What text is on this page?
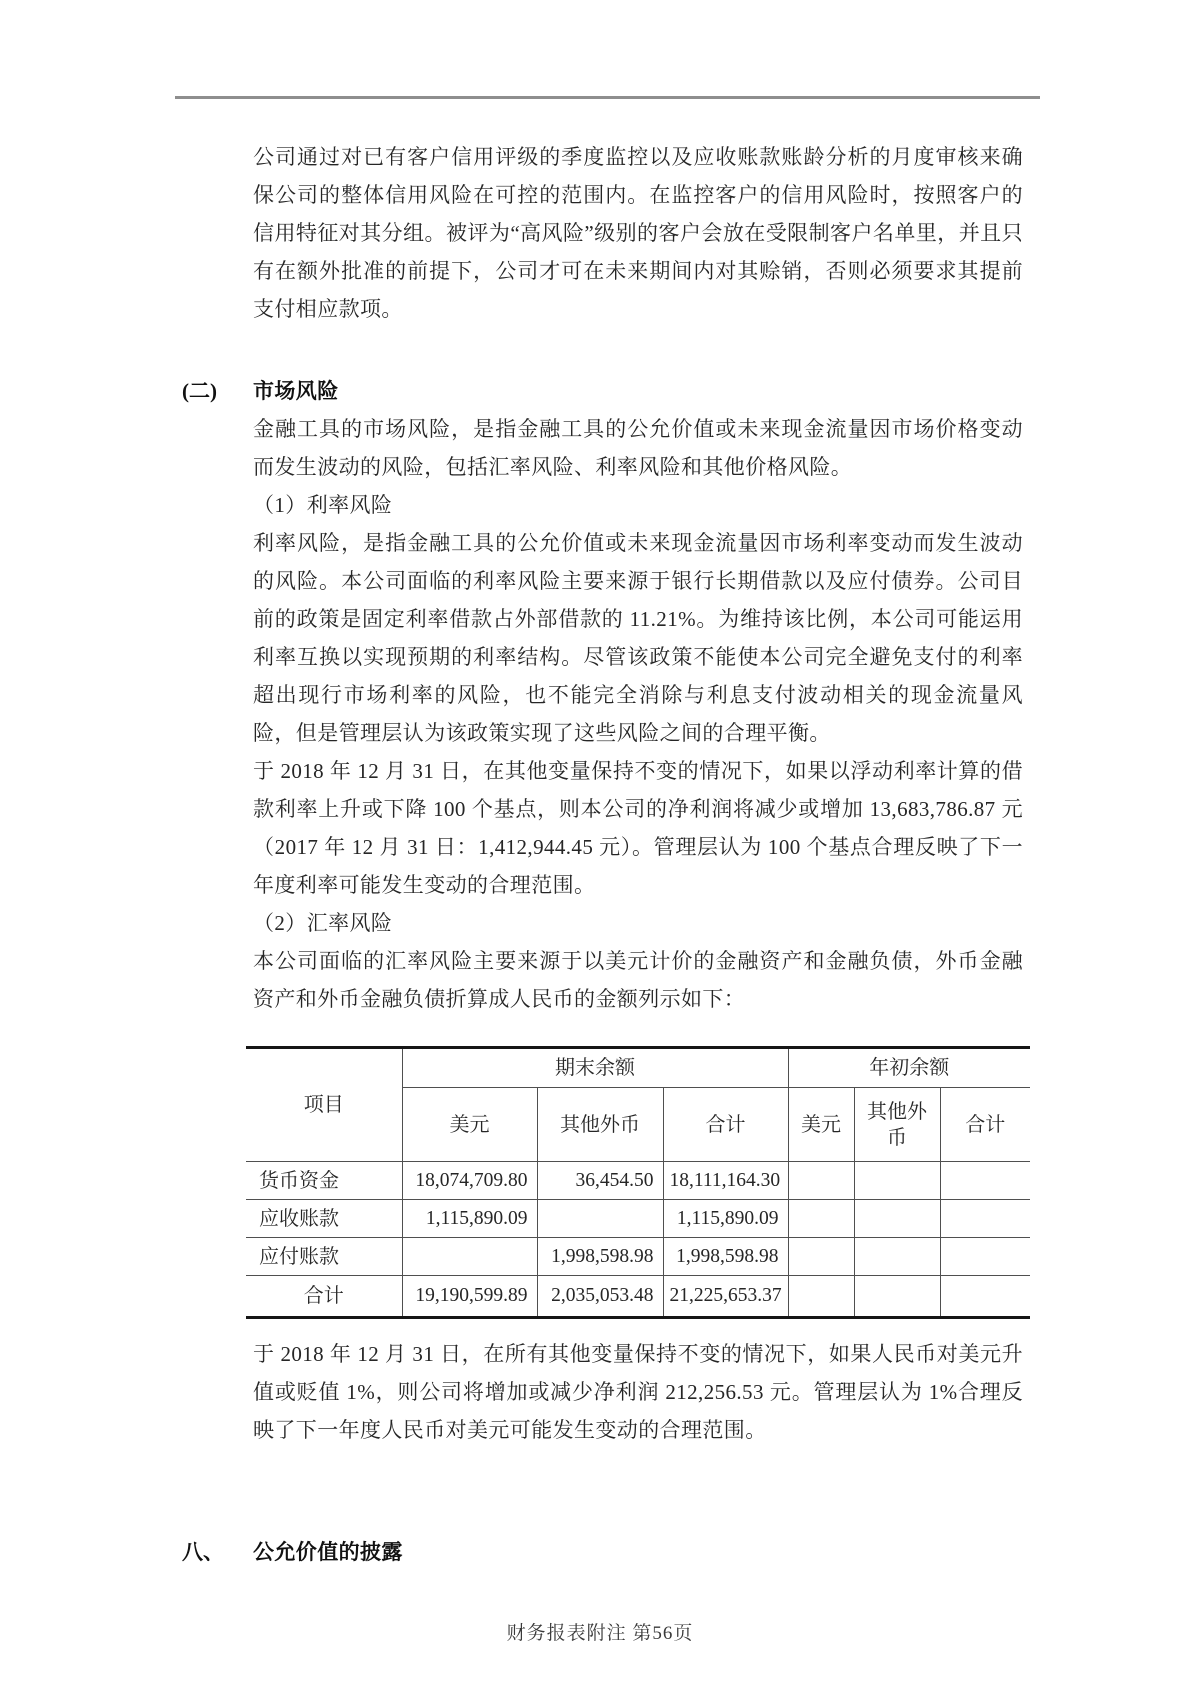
公司通过对已有客户信用评级的季度监控以及应收账款账龄分析的月度审核来确保公司的整体信用风险在可控的范围内。在监控客户的信用风险时，按照客户的信用特征对其分组。被评为“高风险”级别的客户会放在受限制客户名单里，并且只有在额外批准的前提下，公司才可在未来期间内对其赊销，否则必须要求其提前支付相应款项。

(二)	市场风险

金融工具的市场风险，是指金融工具的公允价值或未来现金流量因市场价格变动而发生波动的风险，包括汇率风险、利率风险和其他价格风险。

（1）利率风险

利率风险，是指金融工具的公允价值或未来现金流量因市场利率变动而发生波动的风险。本公司面临的利率风险主要来源于银行长期借款以及应付债券。公司目前的政策是固定利率借款占外部借款的 11.21%。为维持该比例，本公司可能运用利率互换以实现预期的利率结构。尽管该政策不能使本公司完全避免支付的利率超出现行市场利率的风险，也不能完全消除与利息支付波动相关的现金流量风险，但是管理层认为该政策实现了这些风险之间的合理平衡。

于 2018 年 12 月 31 日，在其他变量保持不变的情况下，如果以浮动利率计算的借款利率上升或下降 100 个基点，则本公司的净利润将减少或增加 13,683,786.87 元（2017 年 12 月 31 日：1,412,944.45 元）。管理层认为 100 个基点合理反映了下一年度利率可能发生变动的合理范围。

（2）汇率风险

本公司面临的汇率风险主要来源于以美元计价的金融资产和金融负债，外币金融资产和外币金融负债折算成人民币的金额列示如下：

项目	期末余额			年初余额		
	美元	其他外币	合计	美元	其他外币	合计
货币资金	18,074,709.80	36,454.50	18,111,164.30			
应收账款	1,115,890.09		1,115,890.09			
应付账款		1,998,598.98	1,998,598.98			
合计	19,190,599.89	2,035,053.48	21,225,653.37			

于 2018 年 12 月 31 日，在所有其他变量保持不变的情况下，如果人民币对美元升值或贬值 1%，则公司将增加或减少净利润 212,256.53 元。管理层认为 1%合理反映了下一年度人民币对美元可能发生变动的合理范围。

八、	公允价值的披露
财务报表附注 第56页
